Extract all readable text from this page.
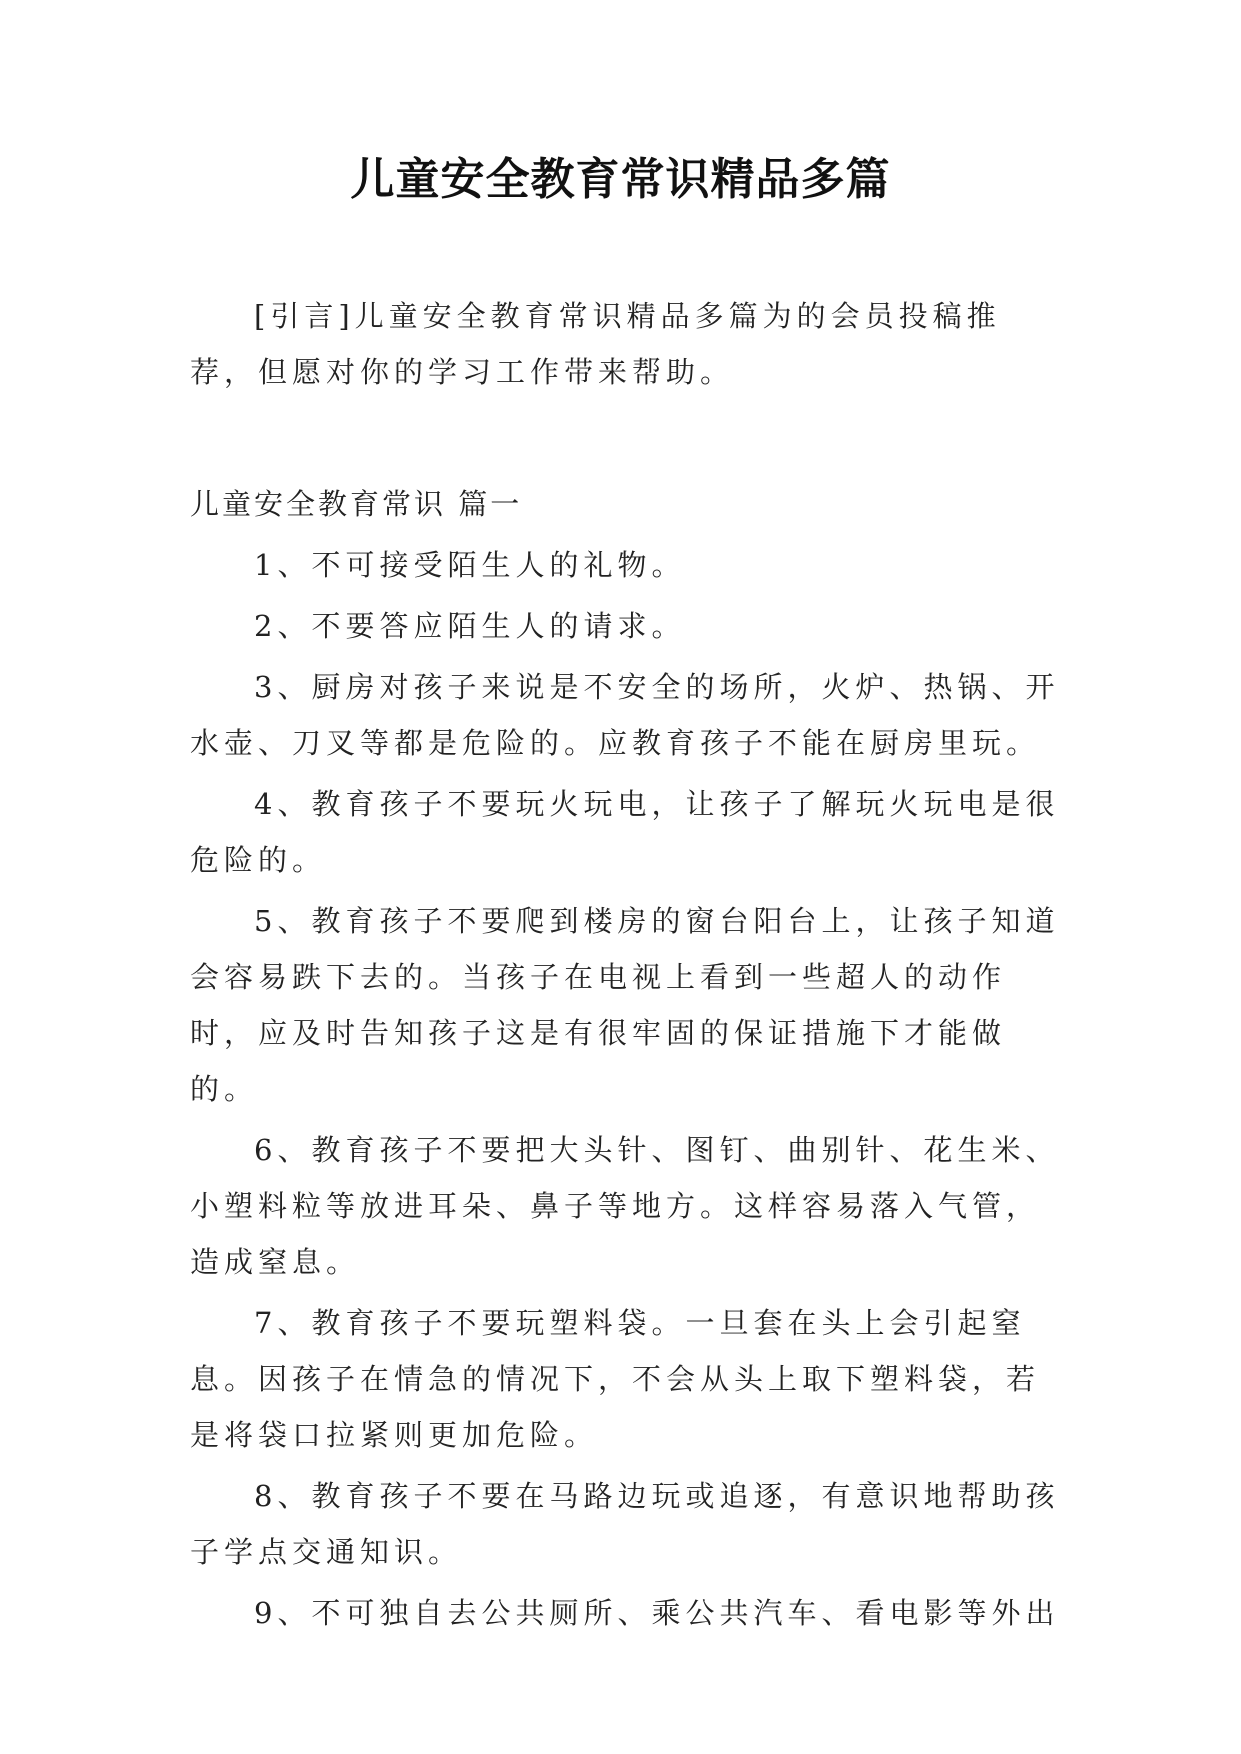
儿童安全教育常识精品多篇

[引言]儿童安全教育常识精品多篇为的会员投稿推荐，但愿对你的学习工作带来帮助。

儿童安全教育常识 篇一

1、不可接受陌生人的礼物。

2、不要答应陌生人的请求。

3、厨房对孩子来说是不安全的场所，火炉、热锅、开水壶、刀叉等都是危险的。应教育孩子不能在厨房里玩。

4、教育孩子不要玩火玩电，让孩子了解玩火玩电是很危险的。

5、教育孩子不要爬到楼房的窗台阳台上，让孩子知道会容易跌下去的。当孩子在电视上看到一些超人的动作时，应及时告知孩子这是有很牢固的保证措施下才能做的。

6、教育孩子不要把大头针、图钉、曲别针、花生米、小塑料粒等放进耳朵、鼻子等地方。这样容易落入气管，造成窒息。

7、教育孩子不要玩塑料袋。一旦套在头上会引起窒息。因孩子在情急的情况下，不会从头上取下塑料袋，若是将袋口拉紧则更加危险。

8、教育孩子不要在马路边玩或追逐，有意识地帮助孩子学点交通知识。

9、不可独自去公共厕所、乘公共汽车、看电影等外出
